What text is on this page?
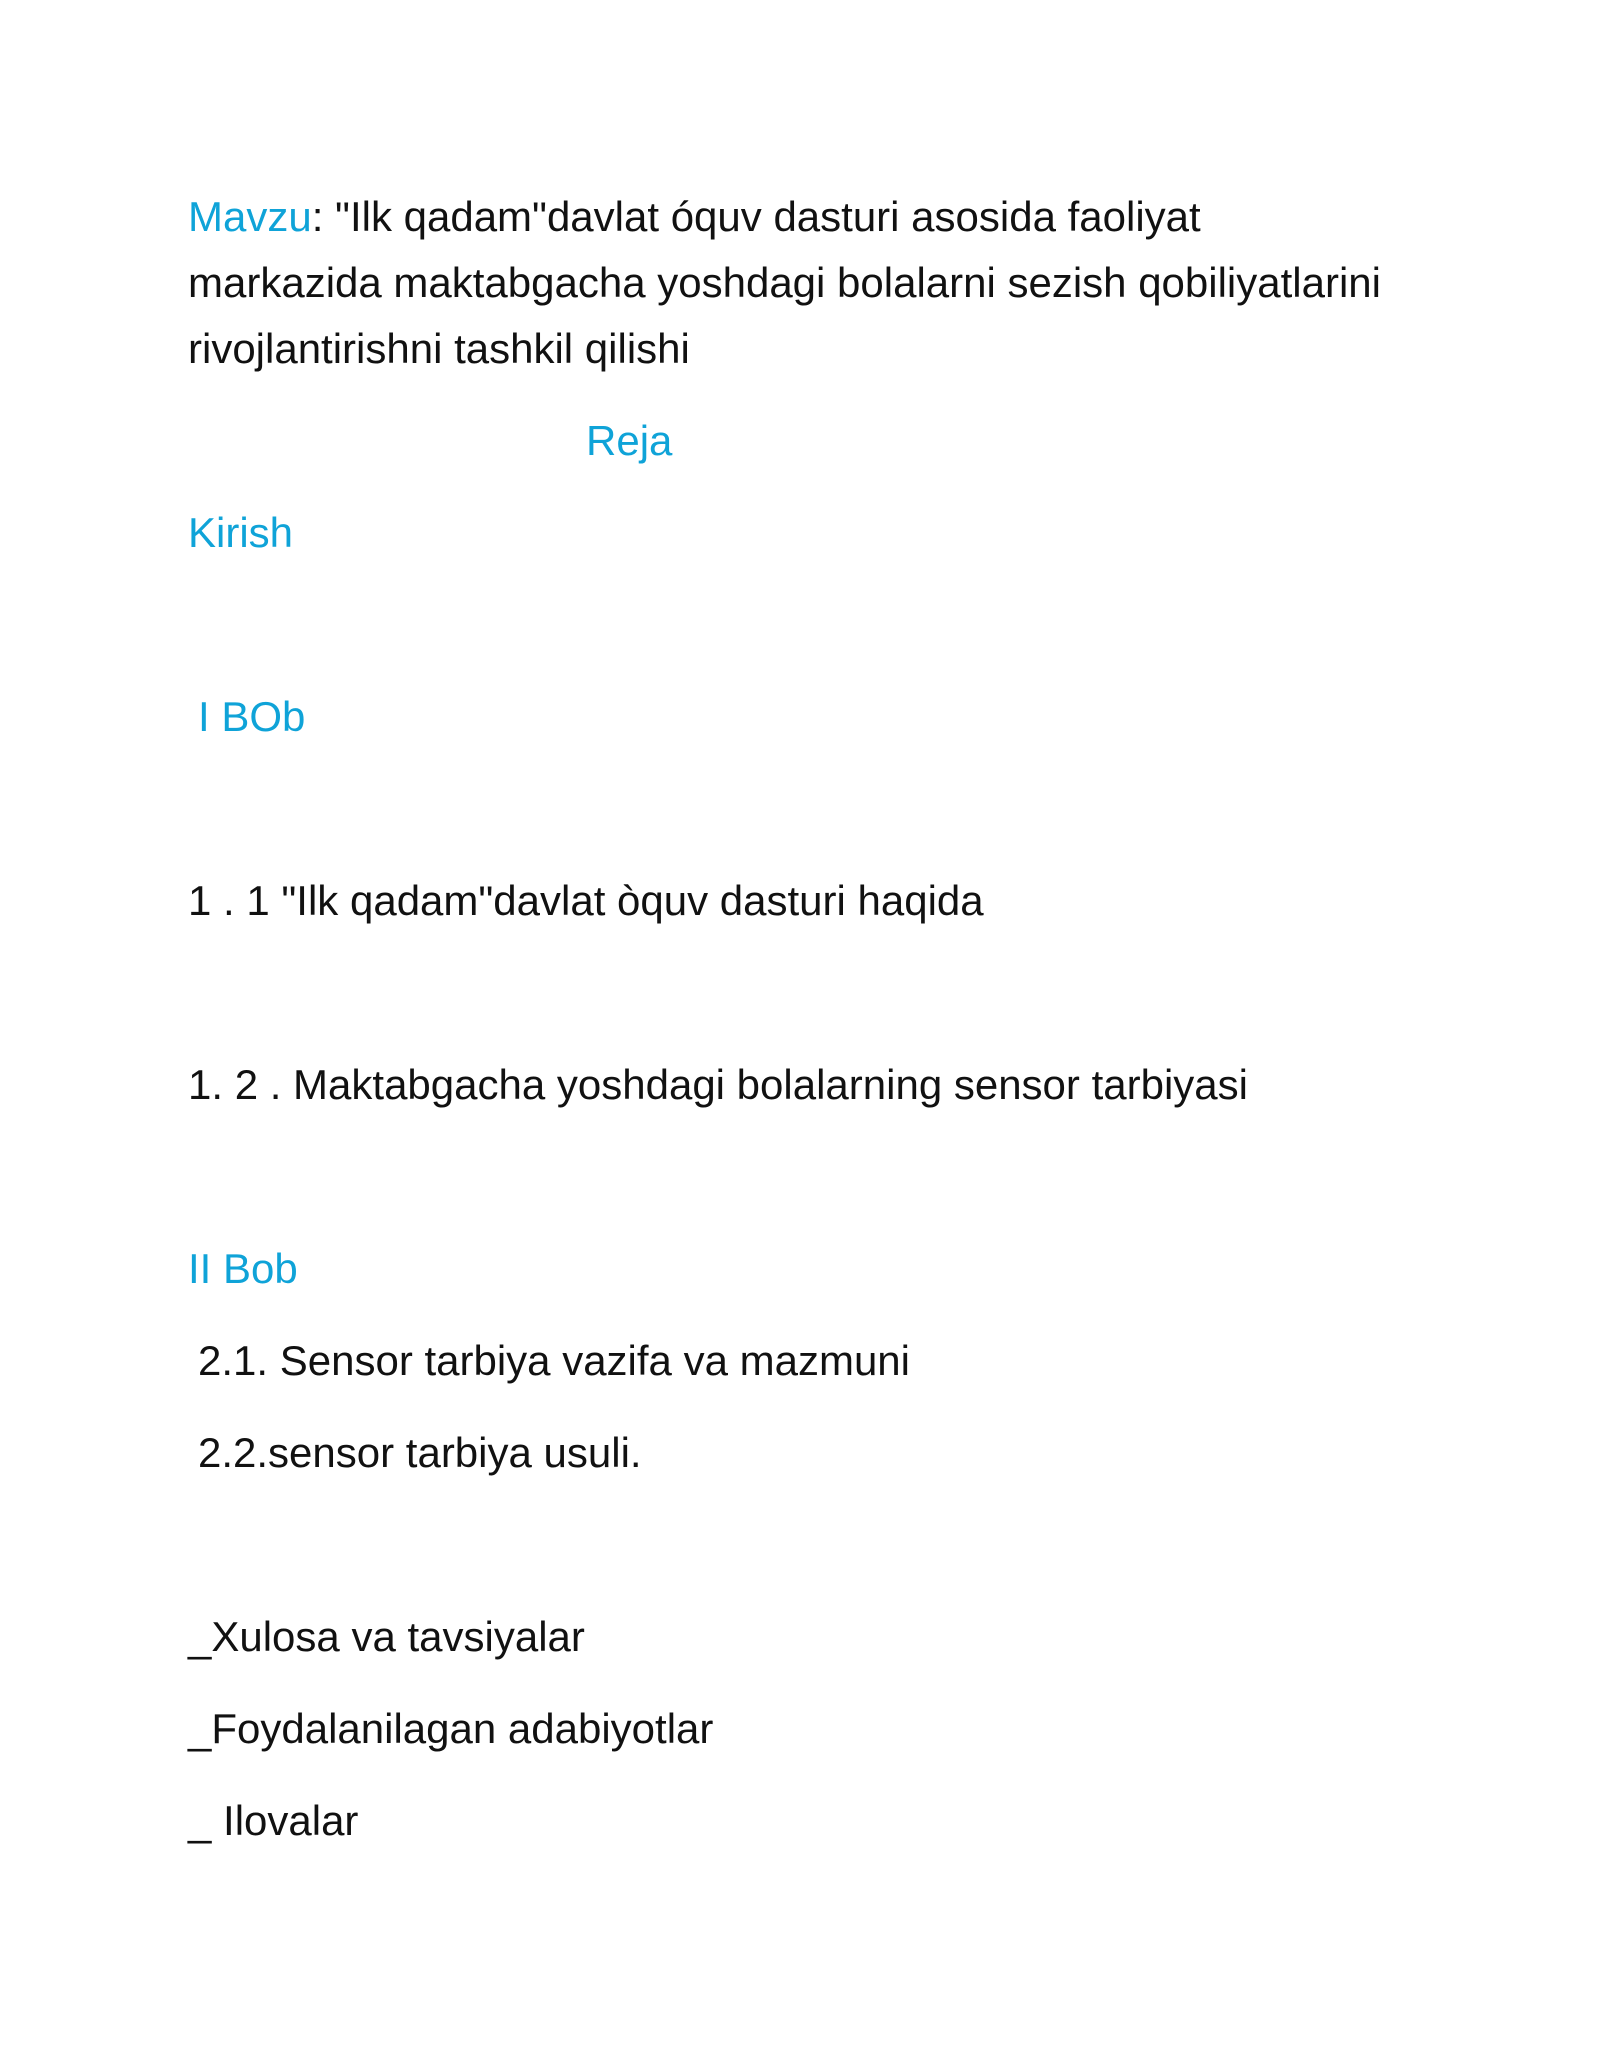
Mavzu: "Ilk qadam"davlat óquv dasturi asosida faoliyat
markazida maktabgacha yoshdagi bolalarni sezish qobiliyatlarini
rivojlantirishni tashkil qilishi
Reja
Kirish
I BOb
1 . 1 "Ilk qadam"davlat òquv dasturi haqida
1. 2 . Maktabgacha yoshdagi bolalarning sensor tarbiyasi
II Bob
2.1. Sensor tarbiya vazifa va mazmuni
2.2.sensor tarbiya usuli.
_Xulosa va tavsiyalar
_Foydalanilagan adabiyotlar
_ Ilovalar
